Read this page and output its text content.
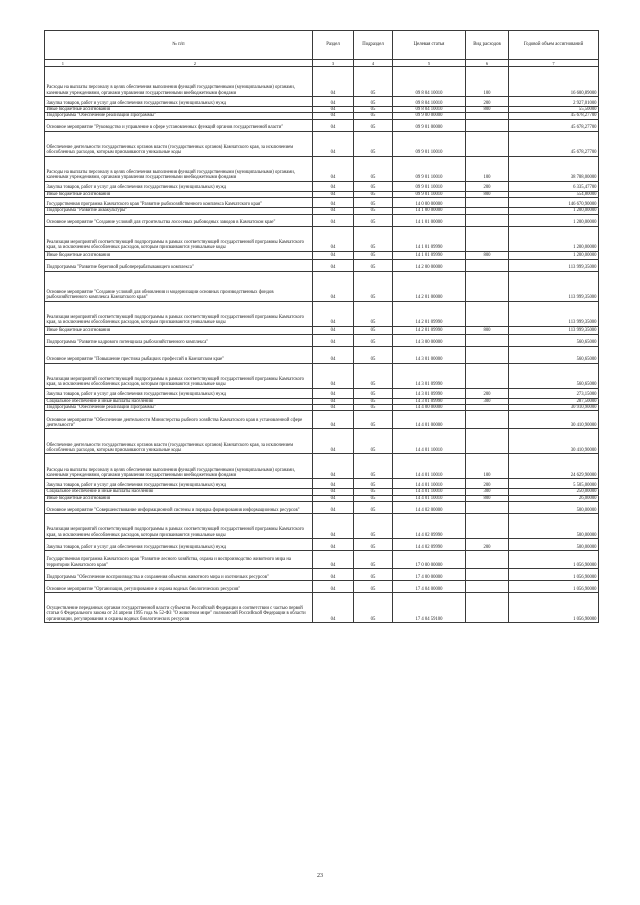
№ п/п	Раздел	Подраздел	Целевая статья	Вид расходов	Годовой объем ассигнований
1 2	3	4	5	6	7
Расходы на выплаты персоналу в целях обеспечения выполнения функций государственными (муниципальными) органами, казенными учреждениями, органами управления государственными внебюджетными фондами	04	05	09 8 04 10010	100	16 600,89000
Закупка товаров, работ и услуг для обеспечения государственных (муниципальных) нужд	04	05	09 8 04 10010	200	2 927,01000
Иные бюджетные ассигнования	04	05	09 8 04 10010	800	55,50000
Подпрограмма "Обеспечение реализации Программы"	04	05	09 9 00 00000		45 678,27700
Основное мероприятие "Руководство и управление в сфере установленных функций органов государственной власти"	04	05	09 9 01 00000		45 678,27700
Обеспечение деятельности государственных органов власти (государственных органов) Камчатского края, за исключением обособленных расходов, которым присваиваются уникальные коды	04	05	09 9 01 10010		45 678,27700
Расходы на выплаты персоналу в целях обеспечения выполнения функций государственными (муниципальными) органами, казенными учреждениями, органами управления государственными внебюджетными фондами	04	05	09 9 01 10010	100	38 788,00000
Закупка товаров, работ и услуг для обеспечения государственных (муниципальных) нужд	04	05	09 9 01 10010	200	6 335,47700
Иные бюджетные ассигнования	04	05	09 9 01 10010	800	554,80000
Государственная программа Камчатского края "Развитие рыбохозяйственного комплекса Камчатского края"	04	05	14 0 00 00000		146 670,90000
Подпрограмма "Развитие аквакультуры"	04	05	14 1 00 00000		1 200,00000
Основное мероприятие "Создание условий для строительства лососевых рыбоводных заводов в Камчатском крае"	04	05	14 1 01 00000		1 200,00000
Реализация мероприятий соответствующей подпрограммы в рамках соответствующей государственной программы Камчатского края, за исключением обособленных расходов, которым присваиваются уникальные коды	04	05	14 1 01 09990		1 200,00000
Иные бюджетные ассигнования	04	05	14 1 01 09990	800	1 200,00000
Подпрограмма "Развитие береговой рыбоперерабатывающего комплекса"	04	05	14 2 00 00000		113 999,35000
Основное мероприятие "Создание условий для обновления и модернизации основных производственных фондов рыбохозяйственного комплекса Камчатского края"	04	05	14 2 01 00000		113 999,35000
Реализация мероприятий соответствующей подпрограммы в рамках соответствующей государственной программы Камчатского края, за исключением обособленных расходов, которым присваиваются уникальные коды	04	05	14 2 01 09990		113 999,35000
Иные бюджетные ассигнования	04	05	14 2 01 09990	800	113 999,35000
Подпрограмма "Развитие кадрового потенциала рыбохозяйственного комплекса"	04	05	14 3 00 00000		560,65000
Основное мероприятие "Повышение престижа рыбацких профессий в Камчатском крае"	04	05	14 3 01 00000		560,65000
Реализация мероприятий соответствующей подпрограммы в рамках соответствующей государственной программы Камчатского края, за исключением обособленных расходов, которым присваиваются уникальные коды	04	05	14 3 01 09990		560,65000
Закупка товаров, работ и услуг для обеспечения государственных (муниципальных) нужд	04	05	14 3 01 09990	200	273,15000
Социальное обеспечение и иные выплаты населению	04	05	14 3 01 09990	300	287,50000
Подпрограмма "Обеспечение реализации Программы"	04	05	14 4 00 00000		30 910,90000
Основное мероприятие "Обеспечение деятельности Министерства рыбного хозяйства Камчатского края в установленной сфере деятельности"	04	05	14 4 01 00000		30 410,90000
Обеспечение деятельности государственных органов власти (государственных органов) Камчатского края, за исключением обособленных расходов, которым присваиваются уникальные коды	04	05	14 4 01 10010		30 410,90000
Расходы на выплаты персоналу в целях обеспечения выполнения функций государственными (муниципальными) органами, казенными учреждениями, органами управления государственными внебюджетными фондами	04	05	14 4 01 10010	100	24 629,90000
Закупка товаров, работ и услуг для обеспечения государственных (муниципальных) нужд	04	05	14 4 01 10010	200	5 505,00000
Социальное обеспечение и иные выплаты населению	04	05	14 4 01 10010	300	250,00000
Иные бюджетные ассигнования	04	05	14 4 01 10010	800	26,00000
Основное мероприятие "Совершенствование информационной системы и порядка формирования информационных ресурсов"	04	05	14 4 02 00000		500,00000
Реализация мероприятий соответствующей подпрограммы в рамках соответствующей государственной программы Камчатского края, за исключением обособленных расходов, которым присваиваются уникальные коды	04	05	14 4 02 09990		500,00000
Закупка товаров, работ и услуг для обеспечения государственных (муниципальных) нужд	04	05	14 4 02 09990	200	500,00000
Государственная программа Камчатского края "Развитие лесного хозяйства, охрана и воспроизводство животного мира на территории Камчатского края"	04	05	17 0 00 00000		1 056,90000
Подпрограмма "Обеспечение воспроизводства и сохранения объектов животного мира и охотничьих ресурсов"	04	05	17 4 00 00000		1 056,90000
Основное мероприятие "Организация, регулирование и охрана водных биологических ресурсов"	04	05	17 4 04 00000		1 056,90000
Осуществление переданных органам государственной власти субъектов Российской Федерации в соответствии с частью первой статьи 6 Федерального закона от 24 апреля 1995 года № 52-ФЗ "О животном мире" полномочий Российской Федерации в области организации, регулирования и охраны водных биологических ресурсов	04	05	17 4 04 59100		1 056,90000
23
